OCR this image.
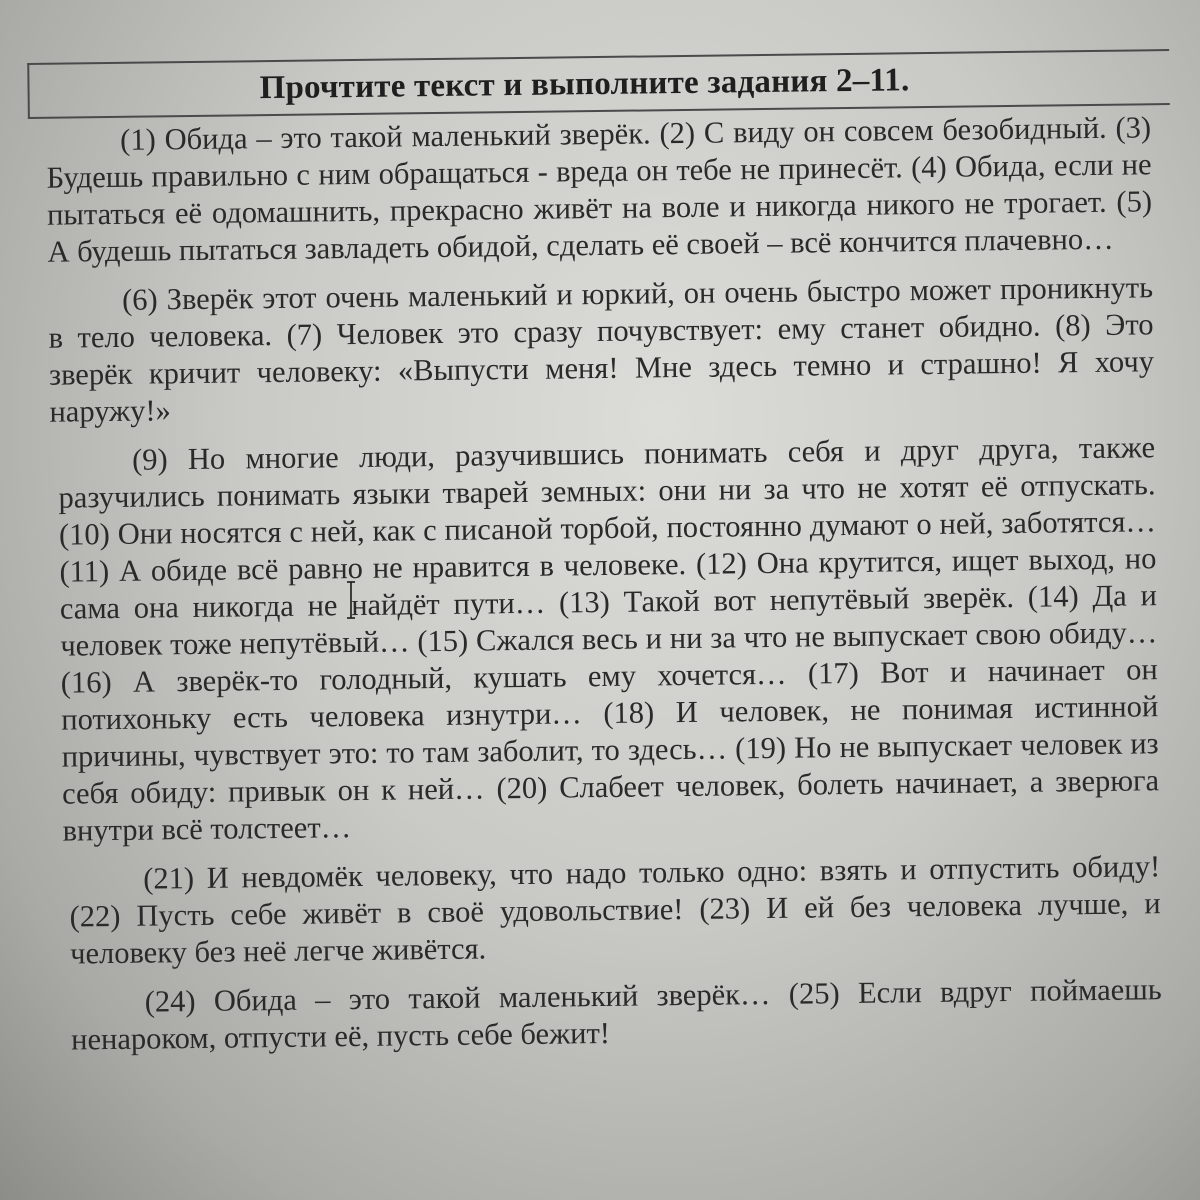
Прочтите текст и выполните задания 2–11.

(1) Обида – это такой маленький зверёк. (2) С виду он совсем безобидный. (3) Будешь правильно с ним обращаться - вреда он тебе не принесёт. (4) Обида, если не пытаться её одомашнить, прекрасно живёт на воле и никогда никого не трогает. (5) А будешь пытаться завладеть обидой, сделать её своей – всё кончится плачевно…

(6) Зверёк этот очень маленький и юркий, он очень быстро может проникнуть в тело человека. (7) Человек это сразу почувствует: ему станет обидно. (8) Это зверёк кричит человеку: «Выпусти меня! Мне здесь темно и страшно! Я хочу наружу!»

(9) Но многие люди, разучившись понимать себя и друг друга, также разучились понимать языки тварей земных: они ни за что не хотят её отпускать. (10) Они носятся с ней, как с писаной торбой, постоянно думают о ней, заботятся… (11) А обиде всё равно не нравится в человеке. (12) Она крутится, ищет выход, но сама она никогда не найдёт пути… (13) Такой вот непутёвый зверёк. (14) Да и человек тоже непутёвый… (15) Сжался весь и ни за что не выпускает свою обиду… (16) А зверёк-то голодный, кушать ему хочется… (17) Вот и начинает он потихоньку есть человека изнутри… (18) И человек, не понимая истинной причины, чувствует это: то там заболит, то здесь… (19) Но не выпускает человек из себя обиду: привык он к ней… (20) Слабеет человек, болеть начинает, а зверюга внутри всё толстеет…

(21) И невдомёк человеку, что надо только одно: взять и отпустить обиду! (22) Пусть себе живёт в своё удовольствие! (23) И ей без человека лучше, и человеку без неё легче живётся.

(24) Обида – это такой маленький зверёк… (25) Если вдруг поймаешь ненароком, отпусти её, пусть себе бежит!
